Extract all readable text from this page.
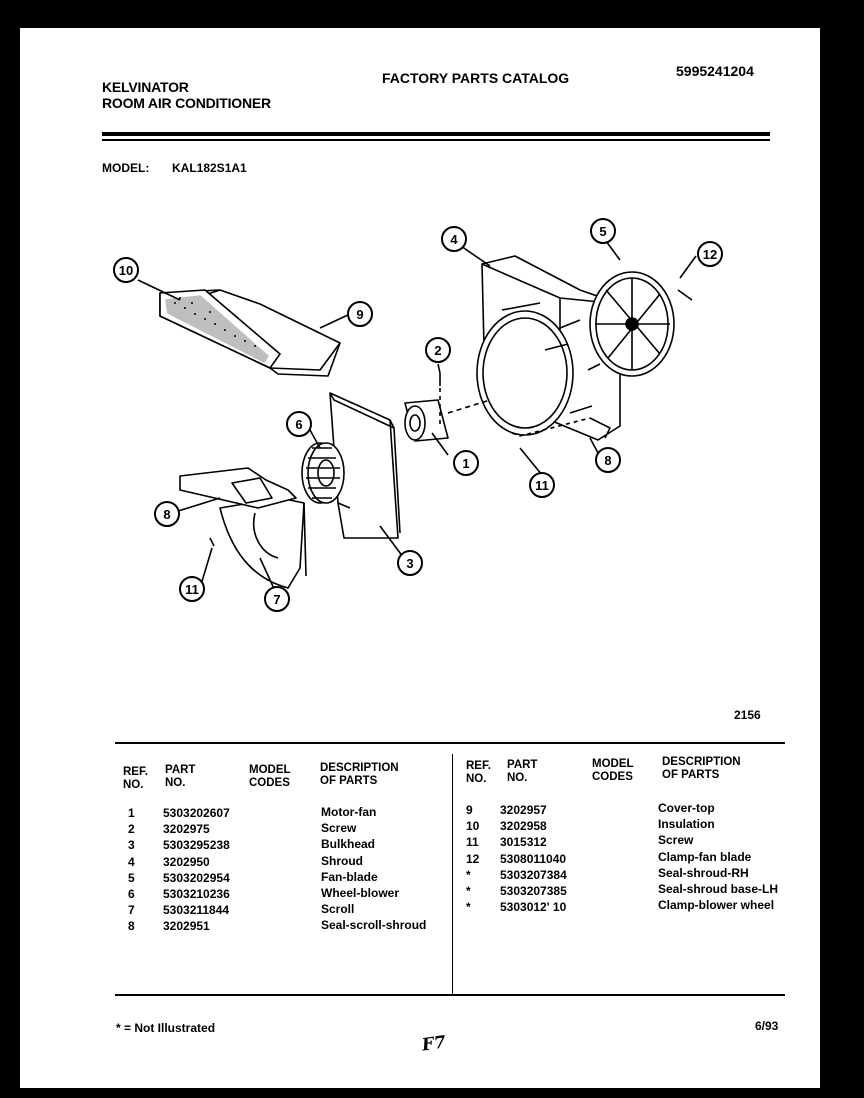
KELVINATOR
ROOM AIR CONDITIONER
FACTORY PARTS CATALOG	5995241204
MODEL: KAL182S1A1
1
2
3
4
5
6
7
8
8
9
10
11
11
12
2156
REF.
NO.
PART
NO.
MODEL
CODES
DESCRIPTION
OF PARTS
REF.
NO.
PART
NO.
MODEL
CODES
DESCRIPTION
OF PARTS
1 5303202607	Motor-fan
2 3202975	Screw
3 5303295238	Bulkhead
4 3202950	Shroud
5 5303202954	Fan-blade
6 5303210236	Wheel-blower
7 5303211844	Scroll
8 3202951	Seal-scroll-shroud
9 3202957	Cover-top
10 3202958	Insulation
11 3015312	Screw
12 5308011040	Clamp-fan blade
* 5303207384	Seal-shroud-RH
* 5303207385	Seal-shroud base-LH
* 5303012' 10	Clamp-blower wheel
* = Not Illustrated
F7
6/93
